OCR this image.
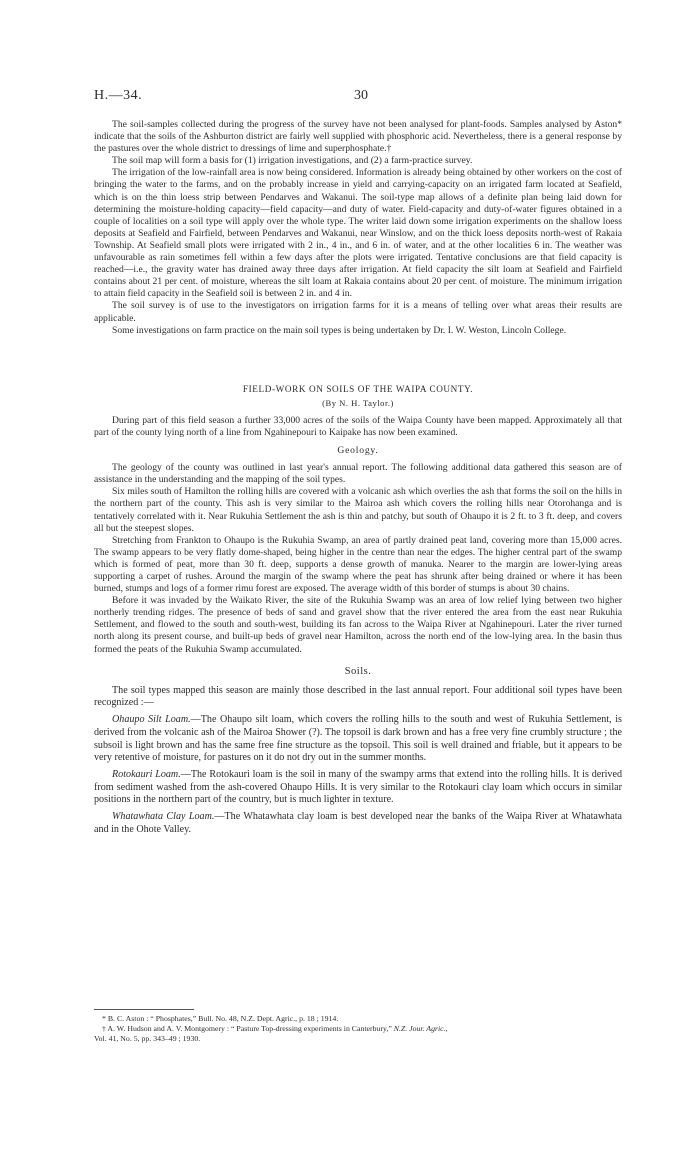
H.—34.	30

The soil-samples collected during the progress of the survey have not been analysed for plant-foods. Samples analysed by Aston* indicate that the soils of the Ashburton district are fairly well supplied with phosphoric acid. Nevertheless, there is a general response by the pastures over the whole district to dressings of lime and superphosphate.†

The soil map will form a basis for (1) irrigation investigations, and (2) a farm-practice survey.

The irrigation of the low-rainfall area is now being considered. Information is already being obtained by other workers on the cost of bringing the water to the farms, and on the probably increase in yield and carrying-capacity on an irrigated farm located at Seafield, which is on the thin loess strip between Pendarves and Wakanui. The soil-type map allows of a definite plan being laid down for determining the moisture-holding capacity—field capacity—and duty of water. Field-capacity and duty-of-water figures obtained in a couple of localities on a soil type will apply over the whole type. The writer laid down some irrigation experiments on the shallow loess deposits at Seafield and Fairfield, between Pendarves and Wakanui, near Winslow, and on the thick loess deposits north-west of Rakaia Township. At Seafield small plots were irrigated with 2 in., 4 in., and 6 in. of water, and at the other localities 6 in. The weather was unfavourable as rain sometimes fell within a few days after the plots were irrigated. Tentative conclusions are that field capacity is reached—i.e., the gravity water has drained away three days after irrigation. At field capacity the silt loam at Seafield and Fairfield contains about 21 per cent. of moisture, whereas the silt loam at Rakaia contains about 20 per cent. of moisture. The minimum irrigation to attain field capacity in the Seafield soil is between 2 in. and 4 in.

The soil survey is of use to the investigators on irrigation farms for it is a means of telling over what areas their results are applicable.

Some investigations on farm practice on the main soil types is being undertaken by Dr. I. W. Weston, Lincoln College.

FIELD-WORK ON SOILS OF THE WAIPA COUNTY.
(By N. H. Taylor.)

During part of this field season a further 33,000 acres of the soils of the Waipa County have been mapped. Approximately all that part of the county lying north of a line from Ngahinepouri to Kaipake has now been examined.

Geology.

The geology of the county was outlined in last year's annual report. The following additional data gathered this season are of assistance in the understanding and the mapping of the soil types.

Six miles south of Hamilton the rolling hills are covered with a volcanic ash which overlies the ash that forms the soil on the hills in the northern part of the county. This ash is very similar to the Mairoa ash which covers the rolling hills near Otorohanga and is tentatively correlated with it. Near Rukuhia Settlement the ash is thin and patchy, but south of Ohaupo it is 2 ft. to 3 ft. deep, and covers all but the steepest slopes.

Stretching from Frankton to Ohaupo is the Rukuhia Swamp, an area of partly drained peat land, covering more than 15,000 acres. The swamp appears to be very flatly dome-shaped, being higher in the centre than near the edges. The higher central part of the swamp which is formed of peat, more than 30 ft. deep, supports a dense growth of manuka. Nearer to the margin are lower-lying areas supporting a carpet of rushes. Around the margin of the swamp where the peat has shrunk after being drained or where it has been burned, stumps and logs of a former rimu forest are exposed. The average width of this border of stumps is about 30 chains.

Before it was invaded by the Waikato River, the site of the Rukuhia Swamp was an area of low relief lying between two higher northerly trending ridges. The presence of beds of sand and gravel show that the river entered the area from the east near Rukuhia Settlement, and flowed to the south and south-west, building its fan across to the Waipa River at Ngahinepouri. Later the river turned north along its present course, and built-up beds of gravel near Hamilton, across the north end of the low-lying area. In the basin thus formed the peats of the Rukuhia Swamp accumulated.

Soils.

The soil types mapped this season are mainly those described in the last annual report. Four additional soil types have been recognized :—

Ohaupo Silt Loam.—The Ohaupo silt loam, which covers the rolling hills to the south and west of Rukuhia Settlement, is derived from the volcanic ash of the Mairoa Shower (?). The topsoil is dark brown and has a free very fine crumbly structure ; the subsoil is light brown and has the same free fine structure as the topsoil. This soil is well drained and friable, but it appears to be very retentive of moisture, for pastures on it do not dry out in the summer months.

Rotokauri Loam.—The Rotokauri loam is the soil in many of the swampy arms that extend into the rolling hills. It is derived from sediment washed from the ash-covered Ohaupo Hills. It is very similar to the Rotokauri clay loam which occurs in similar positions in the northern part of the country, but is much lighter in texture.

Whatawhata Clay Loam.—The Whatawhata clay loam is best developed near the banks of the Waipa River at Whatawhata and in the Ohote Valley.

* B. C. Aston : “ Phosphates,” Bull. No. 48, N.Z. Dept. Agric., p. 18 ; 1914.
† A. W. Hudson and A. V. Montgomery : “ Pasture Top-dressing experiments in Canterbury,” N.Z. Jour. Agric.,
Vol. 41, No. 5, pp. 343–49 ; 1930.
